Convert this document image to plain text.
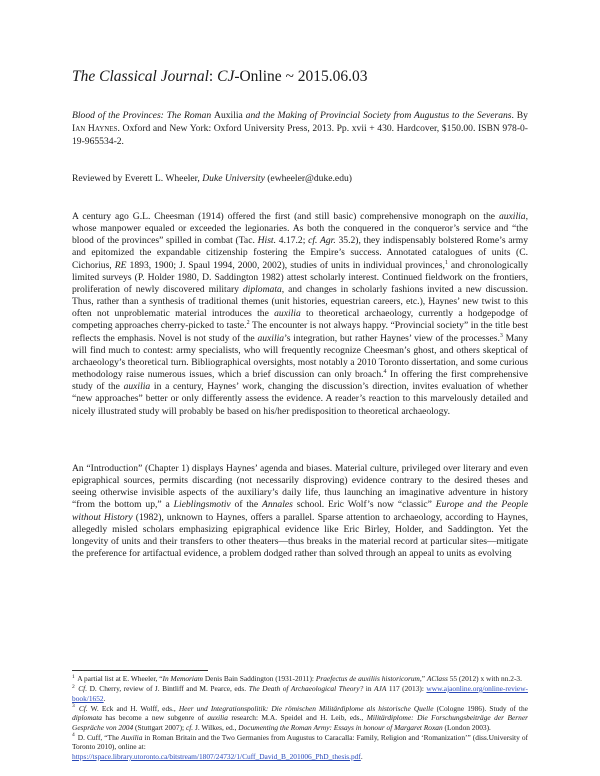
The Classical Journal: CJ-Online ~ 2015.06.03
Blood of the Provinces: The Roman Auxilia and the Making of Provincial Society from Augustus to the Severans. By Ian Haynes. Oxford and New York: Oxford University Press, 2013. Pp. xvii + 430. Hardcover, $150.00. ISBN 978-0-19-965534-2.
Reviewed by Everett L. Wheeler, Duke University (ewheeler@duke.edu)

A century ago G.L. Cheesman (1914) offered the first (and still basic) comprehensive monograph on the auxilia, whose manpower equaled or exceeded the legionaries. As both the conquered in the conqueror’s service and “the blood of the provinces” spilled in combat (Tac. Hist. 4.17.2; cf. Agr. 35.2), they indispensably bolstered Rome’s army and epitomized the expandable citizenship fostering the Empire’s success. Annotated catalogues of units (C. Cichorius, RE 1893, 1900; J. Spaul 1994, 2000, 2002), studies of units in individual provinces,$^1$ and chronologically limited surveys (P. Holder 1980, D. Saddington 1982) attest scholarly interest. Continued fieldwork on the frontiers, proliferation of newly discovered military diplomata, and changes in scholarly fashions invited a new discussion. Thus, rather than a synthesis of traditional themes (unit histories, equestrian careers, etc.), Haynes’ new twist to this often not unproblematic material introduces the auxilia to theoretical archaeology, currently a hodgepodge of competing approaches cherry-picked to taste.$^2$ The encounter is not always happy. “Provincial society” in the title best reflects the emphasis. Novel is not study of the auxilia’s integration, but rather Haynes’ view of the processes.$^3$ Many will find much to contest: army specialists, who will frequently recognize Cheesman’s ghost, and others skeptical of archaeology’s theoretical turn. Bibliographical oversights, most notably a 2010 Toronto dissertation, and some curious methodology raise numerous issues, which a brief discussion can only broach.$^4$ In offering the first comprehensive study of the auxilia in a century, Haynes’ work, changing the discussion’s direction, invites evaluation of whether “new approaches” better or only differently assess the evidence. A reader’s reaction to this marvelously detailed and nicely illustrated study will probably be based on his/her predisposition to theoretical archaeology.

An “Introduction” (Chapter 1) displays Haynes’ agenda and biases. Material culture, privileged over literary and even epigraphical sources, permits discarding (not necessarily disproving) evidence contrary to the desired theses and seeing otherwise invisible aspects of the auxiliary’s daily life, thus launching an imaginative adventure in history “from the bottom up,” a Lieblingsmotiv of the Annales school. Eric Wolf’s now “classic” Europe and the People without History (1982), unknown to Haynes, offers a parallel. Sparse attention to archaeology, according to Haynes, allegedly misled scholars emphasizing epigraphical evidence like Eric Birley, Holder, and Saddington. Yet the longevity of units and their transfers to other theaters—thus breaks in the material record at particular sites—mitigate the preference for artifactual evidence, a problem dodged rather than solved through an appeal to units as evolving

$^1$ A partial list at E. Wheeler, “In Memoriam Denis Bain Saddington (1931-2011): Praefectus de auxiliis historicorum,” AClass 55 (2012) x with nn.2-3.

$^2$ Cf. D. Cherry, review of J. Bintliff and M. Pearce, eds. The Death of Archaeological Theory? in AJA 117 (2013): www.ajaonline.org/online-review-book/1652.

$^3$ Cf. W. Eck and H. Wolff, eds., Heer und Integrationspolitik: Die römischen Militärdiplome als historische Quelle (Cologne 1986). Study of the diplomata has become a new subgenre of auxilia research: M.A. Speidel and H. Leib, eds., Militärdiplome: Die Forschungsbeiträge der Berner Gespräche von 2004 (Stuttgart 2007); cf. J. Wilkes, ed., Documenting the Roman Army: Essays in honour of Margaret Roxan (London 2003).

$^4$ D. Cuff, “The Auxilia in Roman Britain and the Two Germanies from Augustus to Caracalla: Family, Religion and ‘Romanization’” (diss.University of Toronto 2010), online at:
https://tspace.library.utoronto.ca/bitstream/1807/24732/1/Cuff_David_B_201006_PhD_thesis.pdf.
